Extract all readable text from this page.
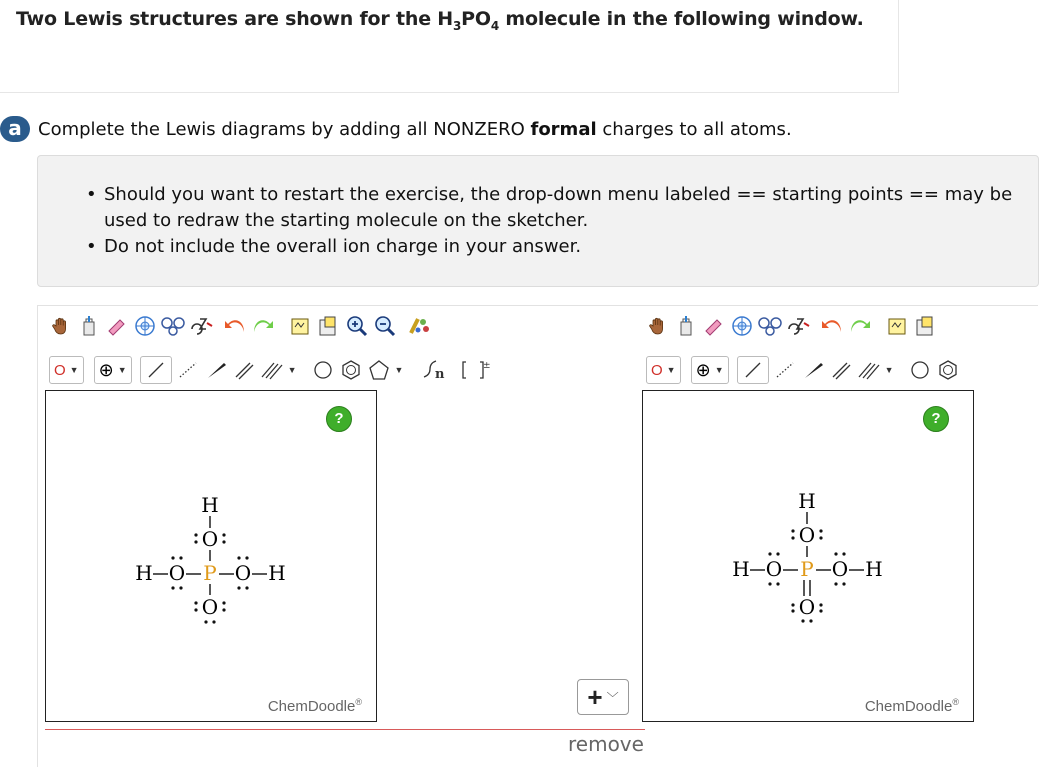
Two Lewis structures are shown for the $H_3PO_4$ molecule in the following window.
a Complete the Lewis diagrams by adding all NONZERO formal charges to all atoms.
• Should you want to restart the exercise, the drop-down menu labeled == starting points == may be used to redraw the starting molecule on the sketcher.
• Do not include the overall ion charge in your answer.
O ▼ ⊕ ▼	▼	▼ n
±
?
H
O
H O P O H
O
ChemDoodle®
O ▼ ⊕ ▼	▼
?
H
O
H O P O H
O
ChemDoodle®
+ ﹀
remove
